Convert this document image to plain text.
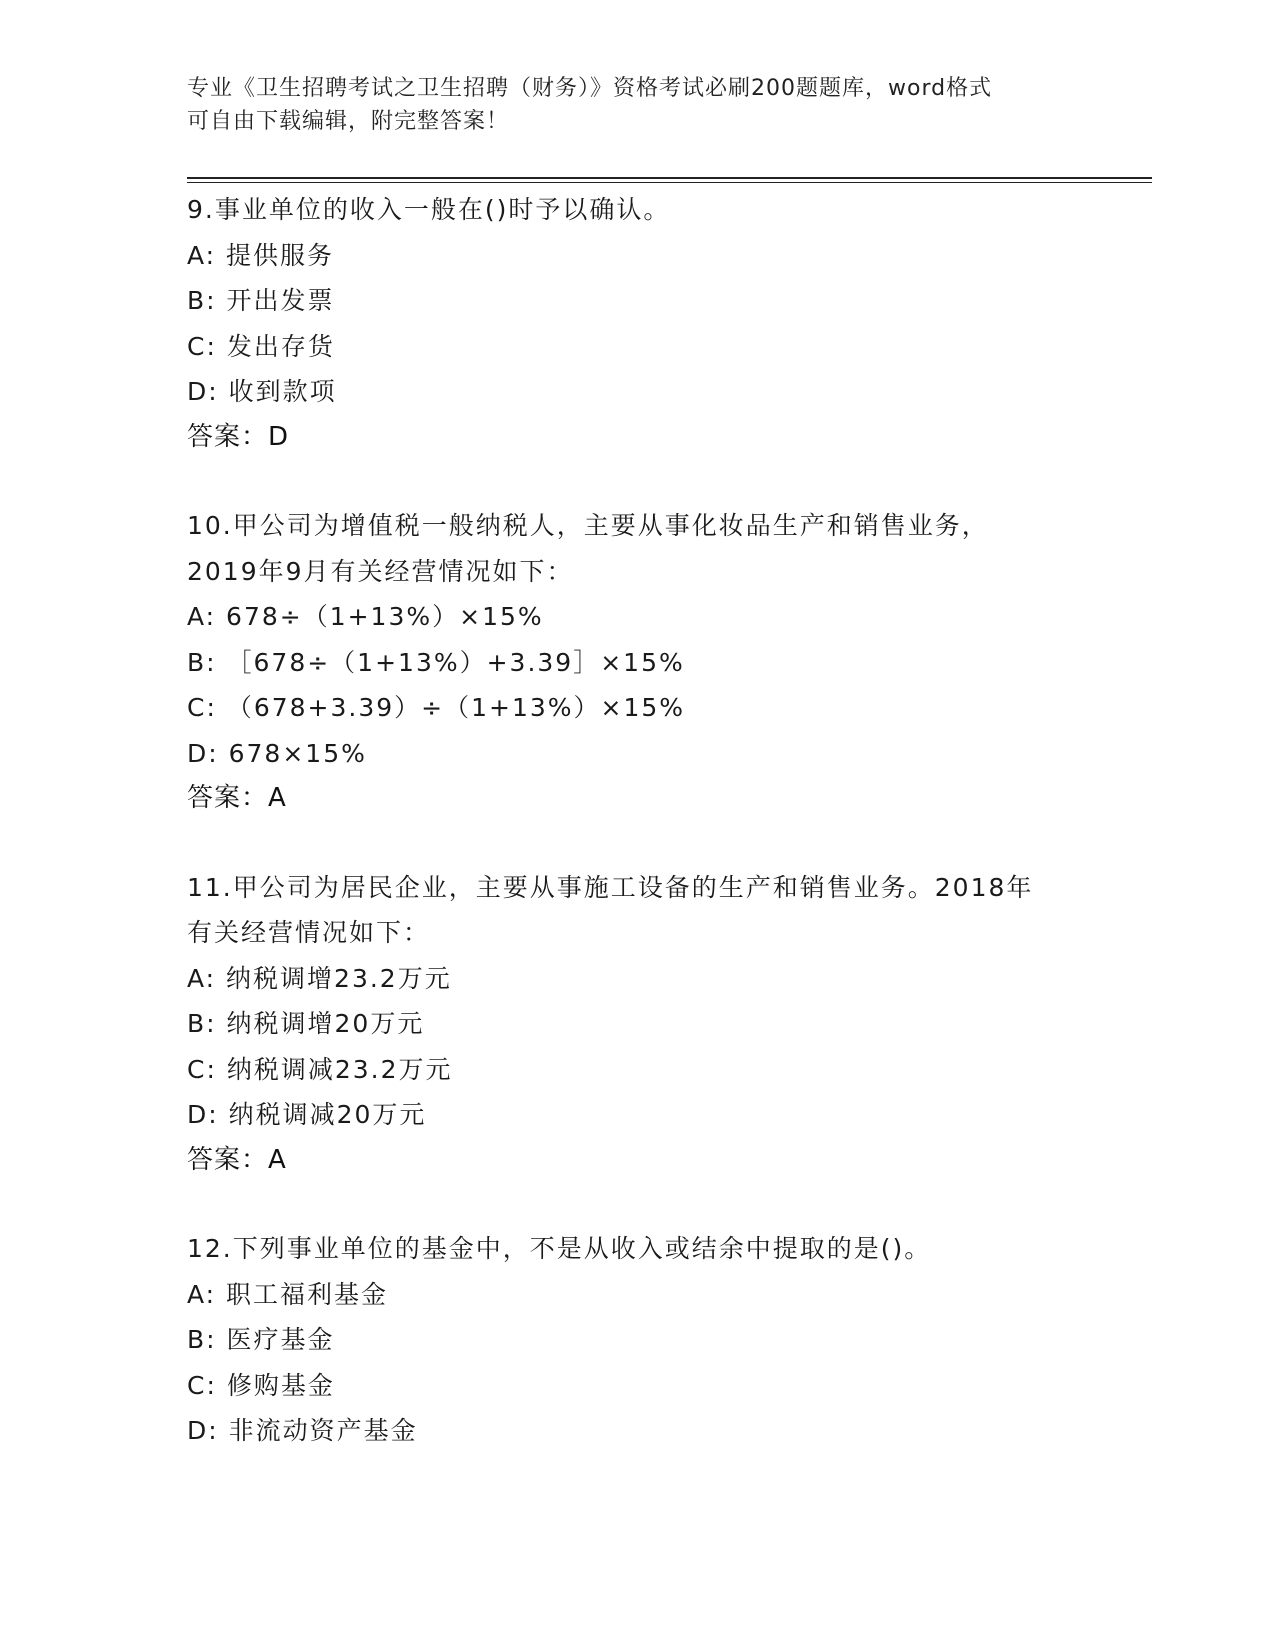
专业《卫生招聘考试之卫生招聘（财务）》资格考试必刷200题题库，word格式
可自由下载编辑，附完整答案！
9.事业单位的收入一般在()时予以确认。
A: 提供服务
B: 开出发票
C: 发出存货
D: 收到款项
答案：D
10.甲公司为增值税一般纳税人，主要从事化妆品生产和销售业务，
2019年9月有关经营情况如下：
A: 678÷（1+13%）×15%
B: ［678÷（1+13%）+3.39］×15%
C: （678+3.39）÷（1+13%）×15%
D: 678×15%
答案：A
11.甲公司为居民企业，主要从事施工设备的生产和销售业务。2018年
有关经营情况如下：
A: 纳税调增23.2万元
B: 纳税调增20万元
C: 纳税调减23.2万元
D: 纳税调减20万元
答案：A
12.下列事业单位的基金中，不是从收入或结余中提取的是()。
A: 职工福利基金
B: 医疗基金
C: 修购基金
D: 非流动资产基金
